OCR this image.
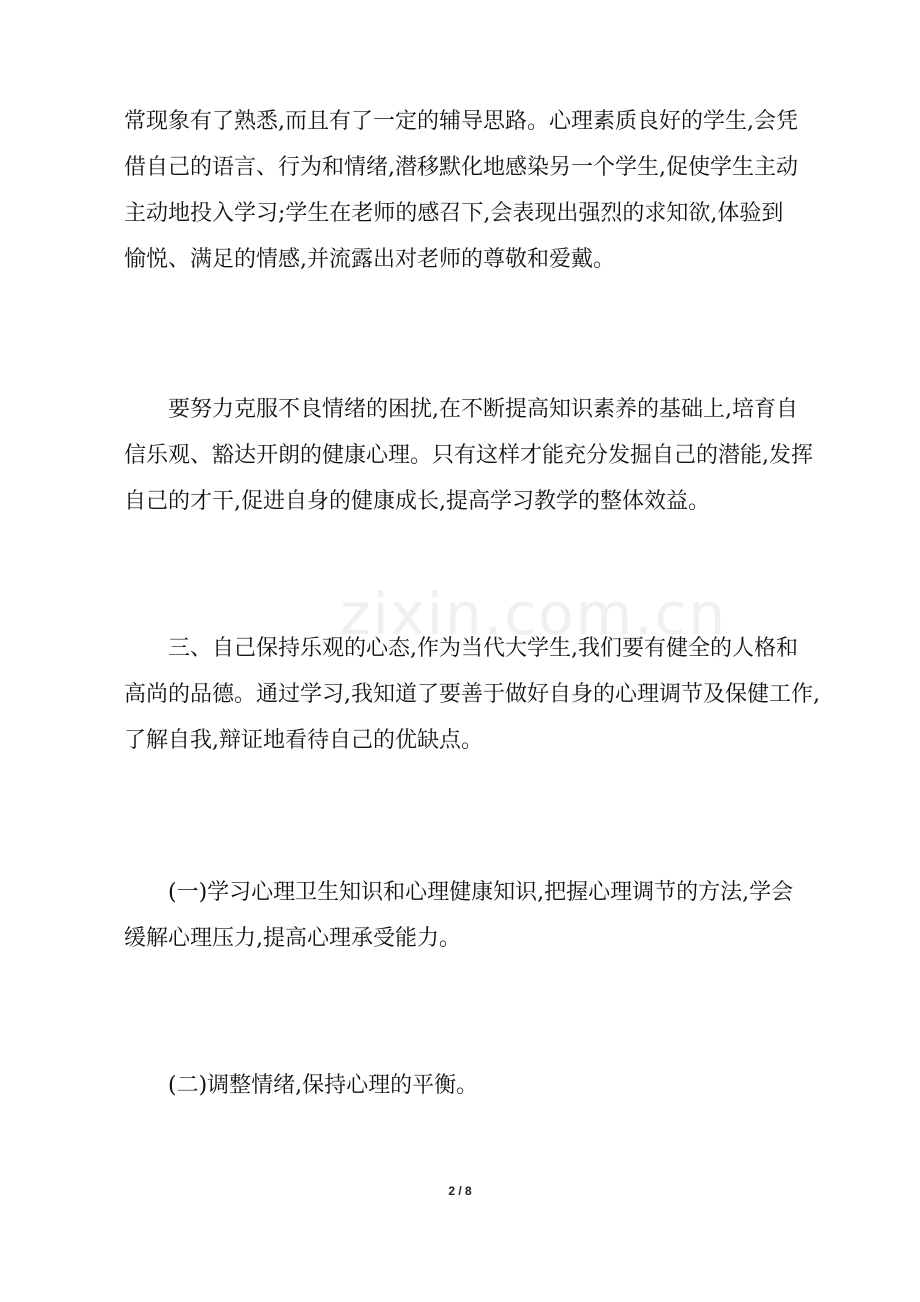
zixin.com.cn
常现象有了熟悉,而且有了一定的辅导思路。心理素质良好的学生,会凭
借自己的语言、行为和情绪,潜移默化地感染另一个学生,促使学生主动
主动地投入学习;学生在老师的感召下,会表现出强烈的求知欲,体验到
愉悦、满足的情感,并流露出对老师的尊敬和爱戴。
要努力克服不良情绪的困扰,在不断提高知识素养的基础上,培育自
信乐观、豁达开朗的健康心理。只有这样才能充分发掘自己的潜能,发挥
自己的才干,促进自身的健康成长,提高学习教学的整体效益。
三、自己保持乐观的心态,作为当代大学生,我们要有健全的人格和
高尚的品德。通过学习,我知道了要善于做好自身的心理调节及保健工作,
了解自我,辩证地看待自己的优缺点。
(一)学习心理卫生知识和心理健康知识,把握心理调节的方法,学会
缓解心理压力,提高心理承受能力。
(二)调整情绪,保持心理的平衡。
2 / 8
